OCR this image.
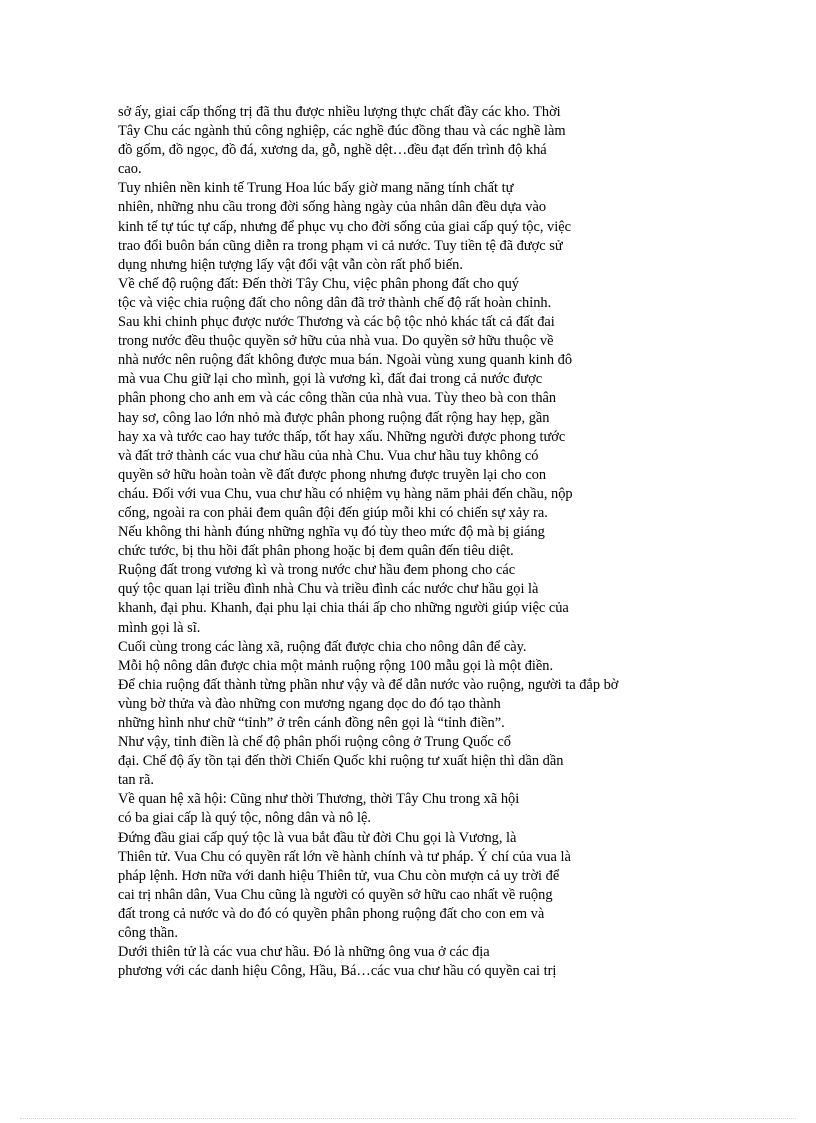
sở ấy, giai cấp thống trị đã thu được nhiều lượng thực chất đầy các kho. Thời
Tây Chu các ngành thủ công nghiệp, các nghề đúc đồng thau và các nghề làm
đồ gốm, đồ ngọc, đồ đá, xương da, gỗ, nghề dệt…đều đạt đến trình độ khá
cao.
Tuy nhiên nền kinh tế Trung Hoa lúc bấy giờ mang năng tính chất tự
nhiên, những nhu cầu trong đời sống hàng ngày của nhân dân đều dựa vào
kinh tế tự túc tự cấp, nhưng để phục vụ cho đời sống của giai cấp quý tộc, việc
trao đổi buôn bán cũng diễn ra trong phạm vi cả nước. Tuy tiền tệ đã được sử
dụng nhưng hiện tượng lấy vật đổi vật vẫn còn rất phổ biến.
Về chế độ ruộng đất: Đến thời Tây Chu, việc phân phong đất cho quý
tộc và việc chia ruộng đất cho nông dân đã trở thành chế độ rất hoàn chỉnh.
Sau khi chinh phục được nước Thương và các bộ tộc nhỏ khác tất cả đất đai
trong nước đều thuộc quyền sở hữu của nhà vua. Do quyền sở hữu thuộc về
nhà nước nên ruộng đất không được mua bán. Ngoài vùng xung quanh kinh đô
mà vua Chu giữ lại cho mình, gọi là vương kì, đất đai trong cả nước được
phân phong cho anh em và các công thần của nhà vua. Tùy theo bà con thân
hay sơ, công lao lớn nhỏ mà được phân phong ruộng đất rộng hay hẹp, gần
hay xa và tước cao hay tước thấp, tốt hay xấu. Những người được phong tước
và đất trở thành các vua chư hầu của nhà Chu. Vua chư hầu tuy không có
quyền sở hữu hoàn toàn về đất được phong nhưng được truyền lại cho con
cháu. Đối với vua Chu, vua chư hầu có nhiệm vụ hàng năm phải đến chầu, nộp
cống, ngoài ra con phải đem quân đội đến giúp mỗi khi có chiến sự xảy ra.
Nếu không thi hành đúng những nghĩa vụ đó tùy theo mức độ mà bị giáng
chức tước, bị thu hồi đất phân phong hoặc bị đem quân đến tiêu diệt.
Ruộng đất trong vương kì và trong nước chư hầu đem phong cho các
quý tộc quan lại triều đình nhà Chu và triều đình các nước chư hầu gọi là
khanh, đại phu. Khanh, đại phu lại chia thái ấp cho những người giúp việc của
mình gọi là sĩ.
Cuối cùng trong các làng xã, ruộng đất được chia cho nông dân để cày.
Mỗi hộ nông dân được chia một mảnh ruộng rộng 100 mẫu gọi là một điền.
Để chia ruộng đất thành từng phần như vậy và để dẫn nước vào ruộng, người ta đắp bờ
vùng bờ thửa và đào những con mương ngang dọc do đó tạo thành
những hình như chữ “tỉnh” ở trên cánh đồng nên gọi là “tỉnh điền”.
Như vậy, tỉnh điền là chế độ phân phối ruộng công ở Trung Quốc cổ
đại. Chế độ ấy tồn tại đến thời Chiến Quốc khi ruộng tư xuất hiện thì dần dần
tan rã.
Về quan hệ xã hội: Cũng như thời Thương, thời Tây Chu trong xã hội
có ba giai cấp là quý tộc, nông dân và nô lệ.
Đứng đầu giai cấp quý tộc là vua bắt đầu từ đời Chu gọi là Vương, là
Thiên tử. Vua Chu có quyền rất lớn về hành chính và tư pháp. Ý chí của vua là
pháp lệnh. Hơn nữa với danh hiệu Thiên tử, vua Chu còn mượn cả uy trời để
cai trị nhân dân, Vua Chu cũng là người có quyền sở hữu cao nhất về ruộng
đất trong cả nước và do đó có quyền phân phong ruộng đất cho con em và
công thần.
Dưới thiên tử là các vua chư hầu. Đó là những ông vua ở các địa
phương với các danh hiệu Công, Hầu, Bá…các vua chư hầu có quyền cai trị
